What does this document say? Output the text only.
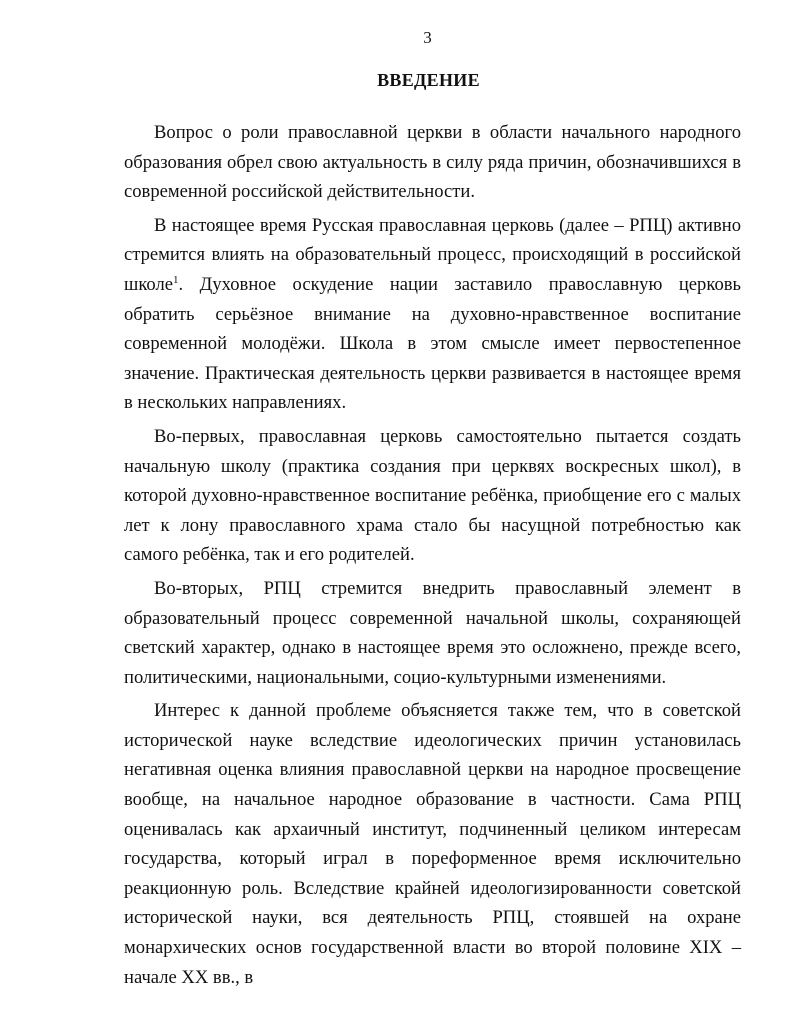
3
ВВЕДЕНИЕ

Вопрос о роли православной церкви в области начального народного образования обрел свою актуальность в силу ряда причин, обозначившихся в современной российской действительности.

В настоящее время Русская православная церковь (далее – РПЦ) активно стремится влиять на образовательный процесс, происходящий в российской школе$^1$. Духовное оскудение нации заставило православную церковь обратить серьёзное внимание на духовно-нравственное воспитание современной молодёжи. Школа в этом смысле имеет первостепенное значение. Практическая деятельность церкви развивается в настоящее время в нескольких направлениях.

Во-первых, православная церковь самостоятельно пытается создать начальную школу (практика создания при церквях воскресных школ), в которой духовно-нравственное воспитание ребёнка, приобщение его с малых лет к лону православного храма стало бы насущной потребностью как самого ребёнка, так и его родителей.

Во-вторых, РПЦ стремится внедрить православный элемент в образовательный процесс современной начальной школы, сохраняющей светский характер, однако в настоящее время это осложнено, прежде всего, политическими, национальными, социо-культурными изменениями.

Интерес к данной проблеме объясняется также тем, что в советской исторической науке вследствие идеологических причин установилась негативная оценка влияния православной церкви на народное просвещение вообще, на начальное народное образование в частности. Сама РПЦ оценивалась как архаичный институт, подчиненный целиком интересам государства, который играл в пореформенное время исключительно реакционную роль. Вследствие крайней идеологизированности советской исторической науки, вся деятельность РПЦ, стоявшей на охране монархических основ государственной власти во второй половине XIX – начале XX вв., в
